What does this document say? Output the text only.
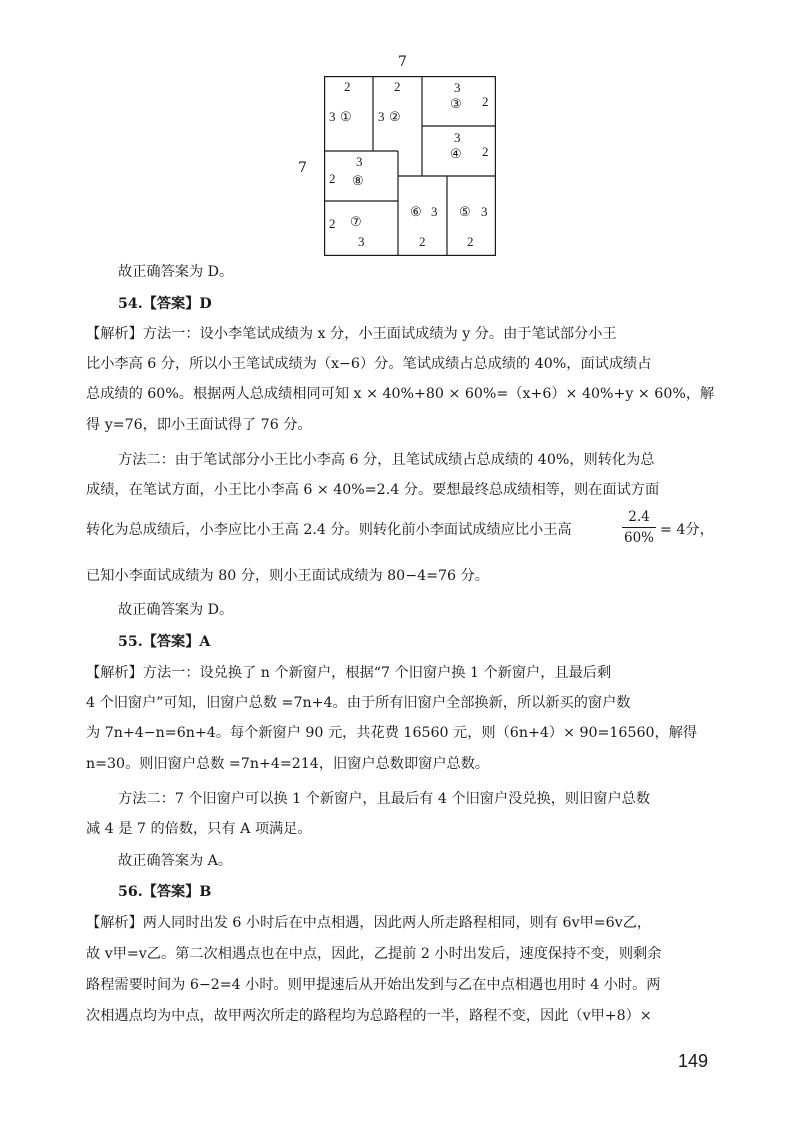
7
7
2
3 ①
2
3 ②
3
③ 2
3
④ 2
3
2 ⑧
2 ⑦
3
⑥ 3
2
⑤ 3
2
故正确答案为 D。
54.【答案】D
【解析】方法一：设小李笔试成绩为 x 分，小王面试成绩为 y 分。由于笔试部分小王
比小李高 6 分，所以小王笔试成绩为（x−6）分。笔试成绩占总成绩的 40%，面试成绩占
总成绩的 60%。根据两人总成绩相同可知 x × 40%+80 × 60%=（x+6）× 40%+y × 60%，解
得 y=76，即小王面试得了 76 分。
方法二：由于笔试部分小王比小李高 6 分，且笔试成绩占总成绩的 40%，则转化为总
成绩，在笔试方面，小王比小李高 6 × 40%=2.4 分。要想最终总成绩相等，则在面试方面
转化为总成绩后，小李应比小王高 2.4 分。则转化前小李面试成绩应比小王高
2.4
60% = 4分，
已知小李面试成绩为 80 分，则小王面试成绩为 80−4=76 分。
故正确答案为 D。
55.【答案】A
【解析】方法一：设兑换了 n 个新窗户，根据“7 个旧窗户换 1 个新窗户，且最后剩
4 个旧窗户”可知，旧窗户总数 =7n+4。由于所有旧窗户全部换新，所以新买的窗户数
为 7n+4−n=6n+4。每个新窗户 90 元，共花费 16560 元，则（6n+4）× 90=16560，解得
n=30。则旧窗户总数 =7n+4=214，旧窗户总数即窗户总数。
方法二：7 个旧窗户可以换 1 个新窗户，且最后有 4 个旧窗户没兑换，则旧窗户总数
减 4 是 7 的倍数，只有 A 项满足。
故正确答案为 A。
56.【答案】B
【解析】两人同时出发 6 小时后在中点相遇，因此两人所走路程相同，则有 6v甲=6v乙，
故 v甲=v乙。第二次相遇点也在中点，因此，乙提前 2 小时出发后，速度保持不变，则剩余
路程需要时间为 6−2=4 小时。则甲提速后从开始出发到与乙在中点相遇也用时 4 小时。两
次相遇点均为中点，故甲两次所走的路程均为总路程的一半，路程不变，因此（v甲+8）×
149
